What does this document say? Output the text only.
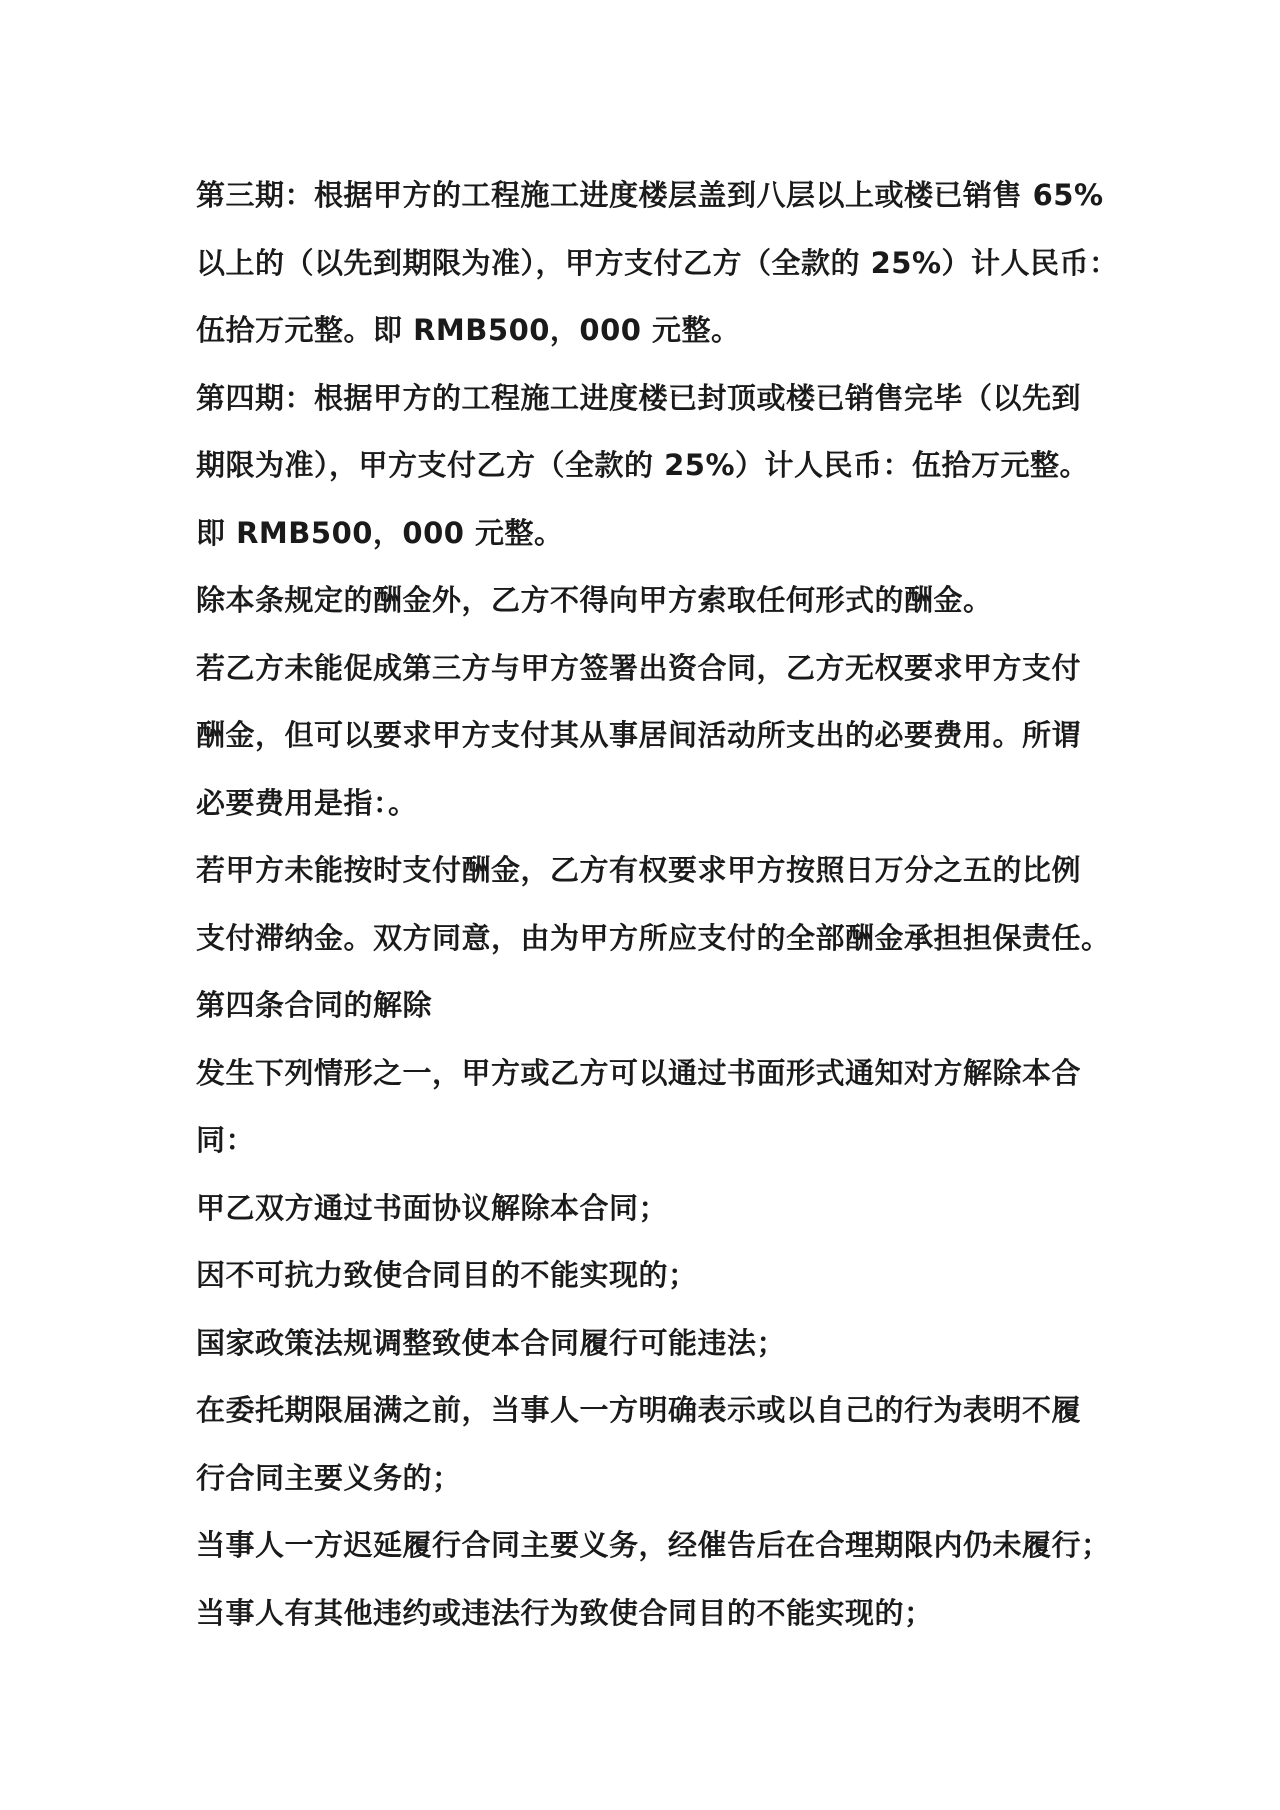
第三期：根据甲方的工程施工进度楼层盖到八层以上或楼已销售 65%
以上的（以先到期限为准），甲方支付乙方（全款的 25%）计人民币：
伍拾万元整。即 RMB500，000 元整。
第四期：根据甲方的工程施工进度楼已封顶或楼已销售完毕（以先到
期限为准），甲方支付乙方（全款的 25%）计人民币：伍拾万元整。
即 RMB500，000 元整。
除本条规定的酬金外，乙方不得向甲方索取任何形式的酬金。
若乙方未能促成第三方与甲方签署出资合同，乙方无权要求甲方支付
酬金，但可以要求甲方支付其从事居间活动所支出的必要费用。所谓
必要费用是指：。
若甲方未能按时支付酬金，乙方有权要求甲方按照日万分之五的比例
支付滞纳金。双方同意，由为甲方所应支付的全部酬金承担担保责任。
第四条合同的解除
发生下列情形之一，甲方或乙方可以通过书面形式通知对方解除本合
同：
甲乙双方通过书面协议解除本合同；
因不可抗力致使合同目的不能实现的；
国家政策法规调整致使本合同履行可能违法；
在委托期限届满之前，当事人一方明确表示或以自己的行为表明不履
行合同主要义务的；
当事人一方迟延履行合同主要义务，经催告后在合理期限内仍未履行；
当事人有其他违约或违法行为致使合同目的不能实现的；
